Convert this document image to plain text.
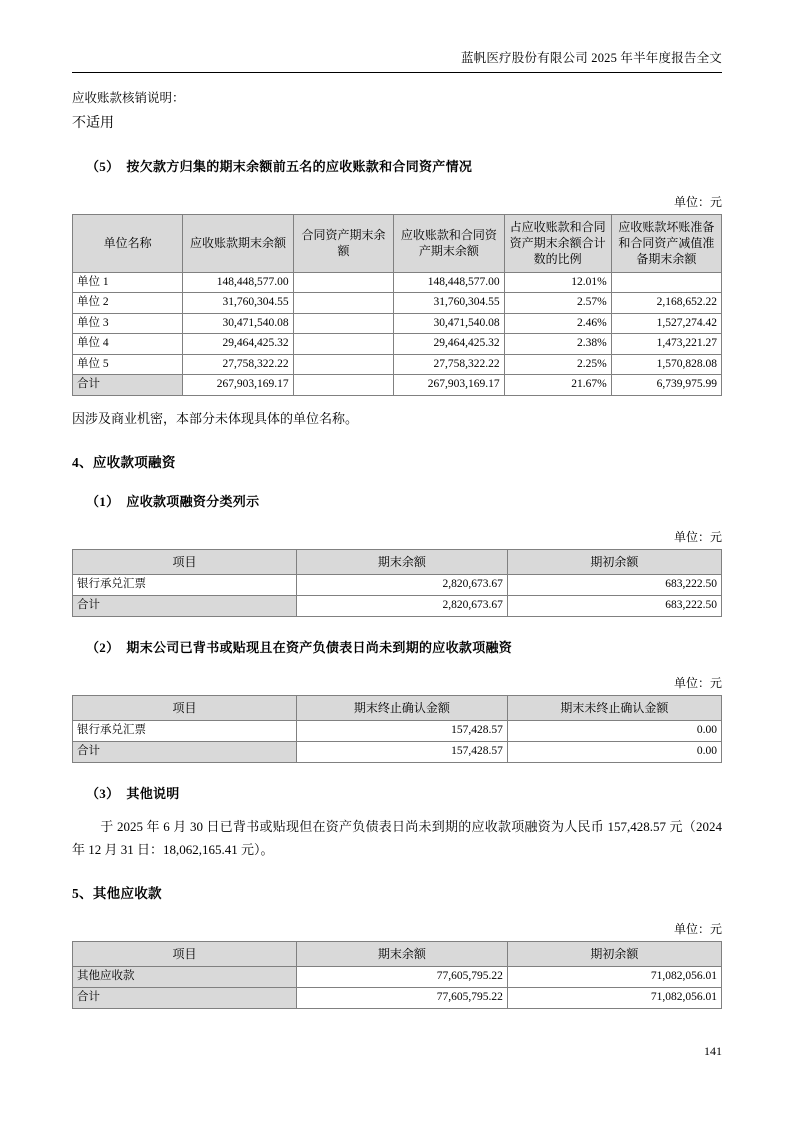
蓝帆医疗股份有限公司 2025 年半年度报告全文
应收账款核销说明：
不适用
（5） 按欠款方归集的期末余额前五名的应收账款和合同资产情况
单位：元
单位名称	应收账款期末余额	合同资产期末余额	应收账款和合同资产期末余额	占应收账款和合同资产期末余额合计数的比例	应收账款坏账准备和合同资产减值准备期末余额
单位 1	148,448,577.00		148,448,577.00	12.01%	
单位 2	31,760,304.55		31,760,304.55	2.57%	2,168,652.22
单位 3	30,471,540.08		30,471,540.08	2.46%	1,527,274.42
单位 4	29,464,425.32		29,464,425.32	2.38%	1,473,221.27
单位 5	27,758,322.22		27,758,322.22	2.25%	1,570,828.08
合计	267,903,169.17		267,903,169.17	21.67%	6,739,975.99
因涉及商业机密，本部分未体现具体的单位名称。
4、应收款项融资
（1） 应收款项融资分类列示
单位：元
项目	期末余额	期初余额
银行承兑汇票	2,820,673.67	683,222.50
合计	2,820,673.67	683,222.50
（2） 期末公司已背书或贴现且在资产负债表日尚未到期的应收款项融资
单位：元
项目	期末终止确认金额	期末未终止确认金额
银行承兑汇票	157,428.57	0.00
合计	157,428.57	0.00
（3） 其他说明
于 2025 年 6 月 30 日已背书或贴现但在资产负债表日尚未到期的应收款项融资为人民币 157,428.57 元（2024 年 12 月 31 日：18,062,165.41 元）。
5、其他应收款
单位：元
项目	期末余额	期初余额
其他应收款	77,605,795.22	71,082,056.01
合计	77,605,795.22	71,082,056.01
141
